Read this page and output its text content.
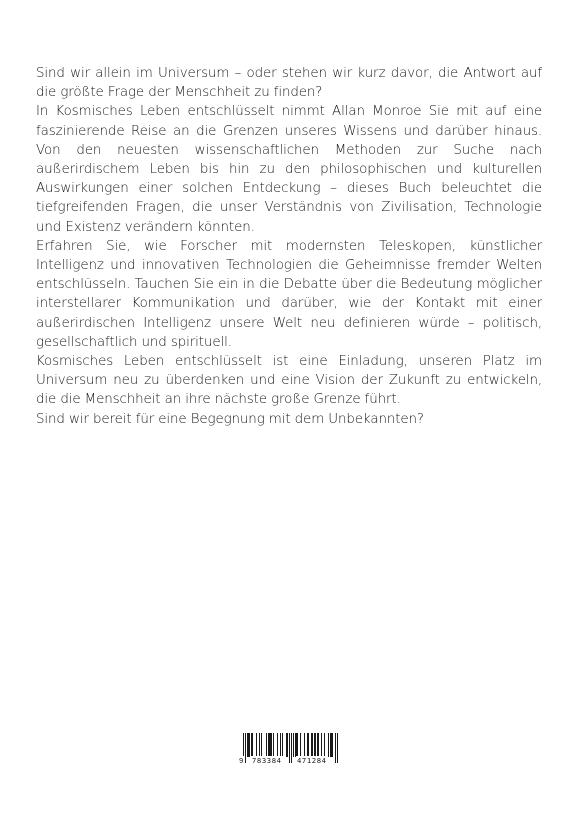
Sind wir allein im Universum – oder stehen wir kurz davor, die Antwort auf die größte Frage der Menschheit zu finden?

In Kosmisches Leben entschlüsselt nimmt Allan Monroe Sie mit auf eine faszinierende Reise an die Grenzen unseres Wissens und darüber hinaus. Von den neuesten wissenschaftlichen Methoden zur Suche nach außerirdischem Leben bis hin zu den philosophischen und kulturellen Auswirkungen einer solchen Entdeckung – dieses Buch beleuchtet die tiefgreifenden Fragen, die unser Verständnis von Zivilisation, Technologie und Existenz verändern könnten.

Erfahren Sie, wie Forscher mit modernsten Teleskopen, künstlicher Intelligenz und innovativen Technologien die Geheimnisse fremder Welten entschlüsseln. Tauchen Sie ein in die Debatte über die Bedeutung möglicher interstellarer Kommunikation und darüber, wie der Kontakt mit einer außerirdischen Intelligenz unsere Welt neu definieren würde – politisch, gesellschaftlich und spirituell.

Kosmisches Leben entschlüsselt ist eine Einladung, unseren Platz im Universum neu zu überdenken und eine Vision der Zukunft zu entwickeln, die die Menschheit an ihre nächste große Grenze führt.

Sind wir bereit für eine Begegnung mit dem Unbekannten?

9 783384 471284
